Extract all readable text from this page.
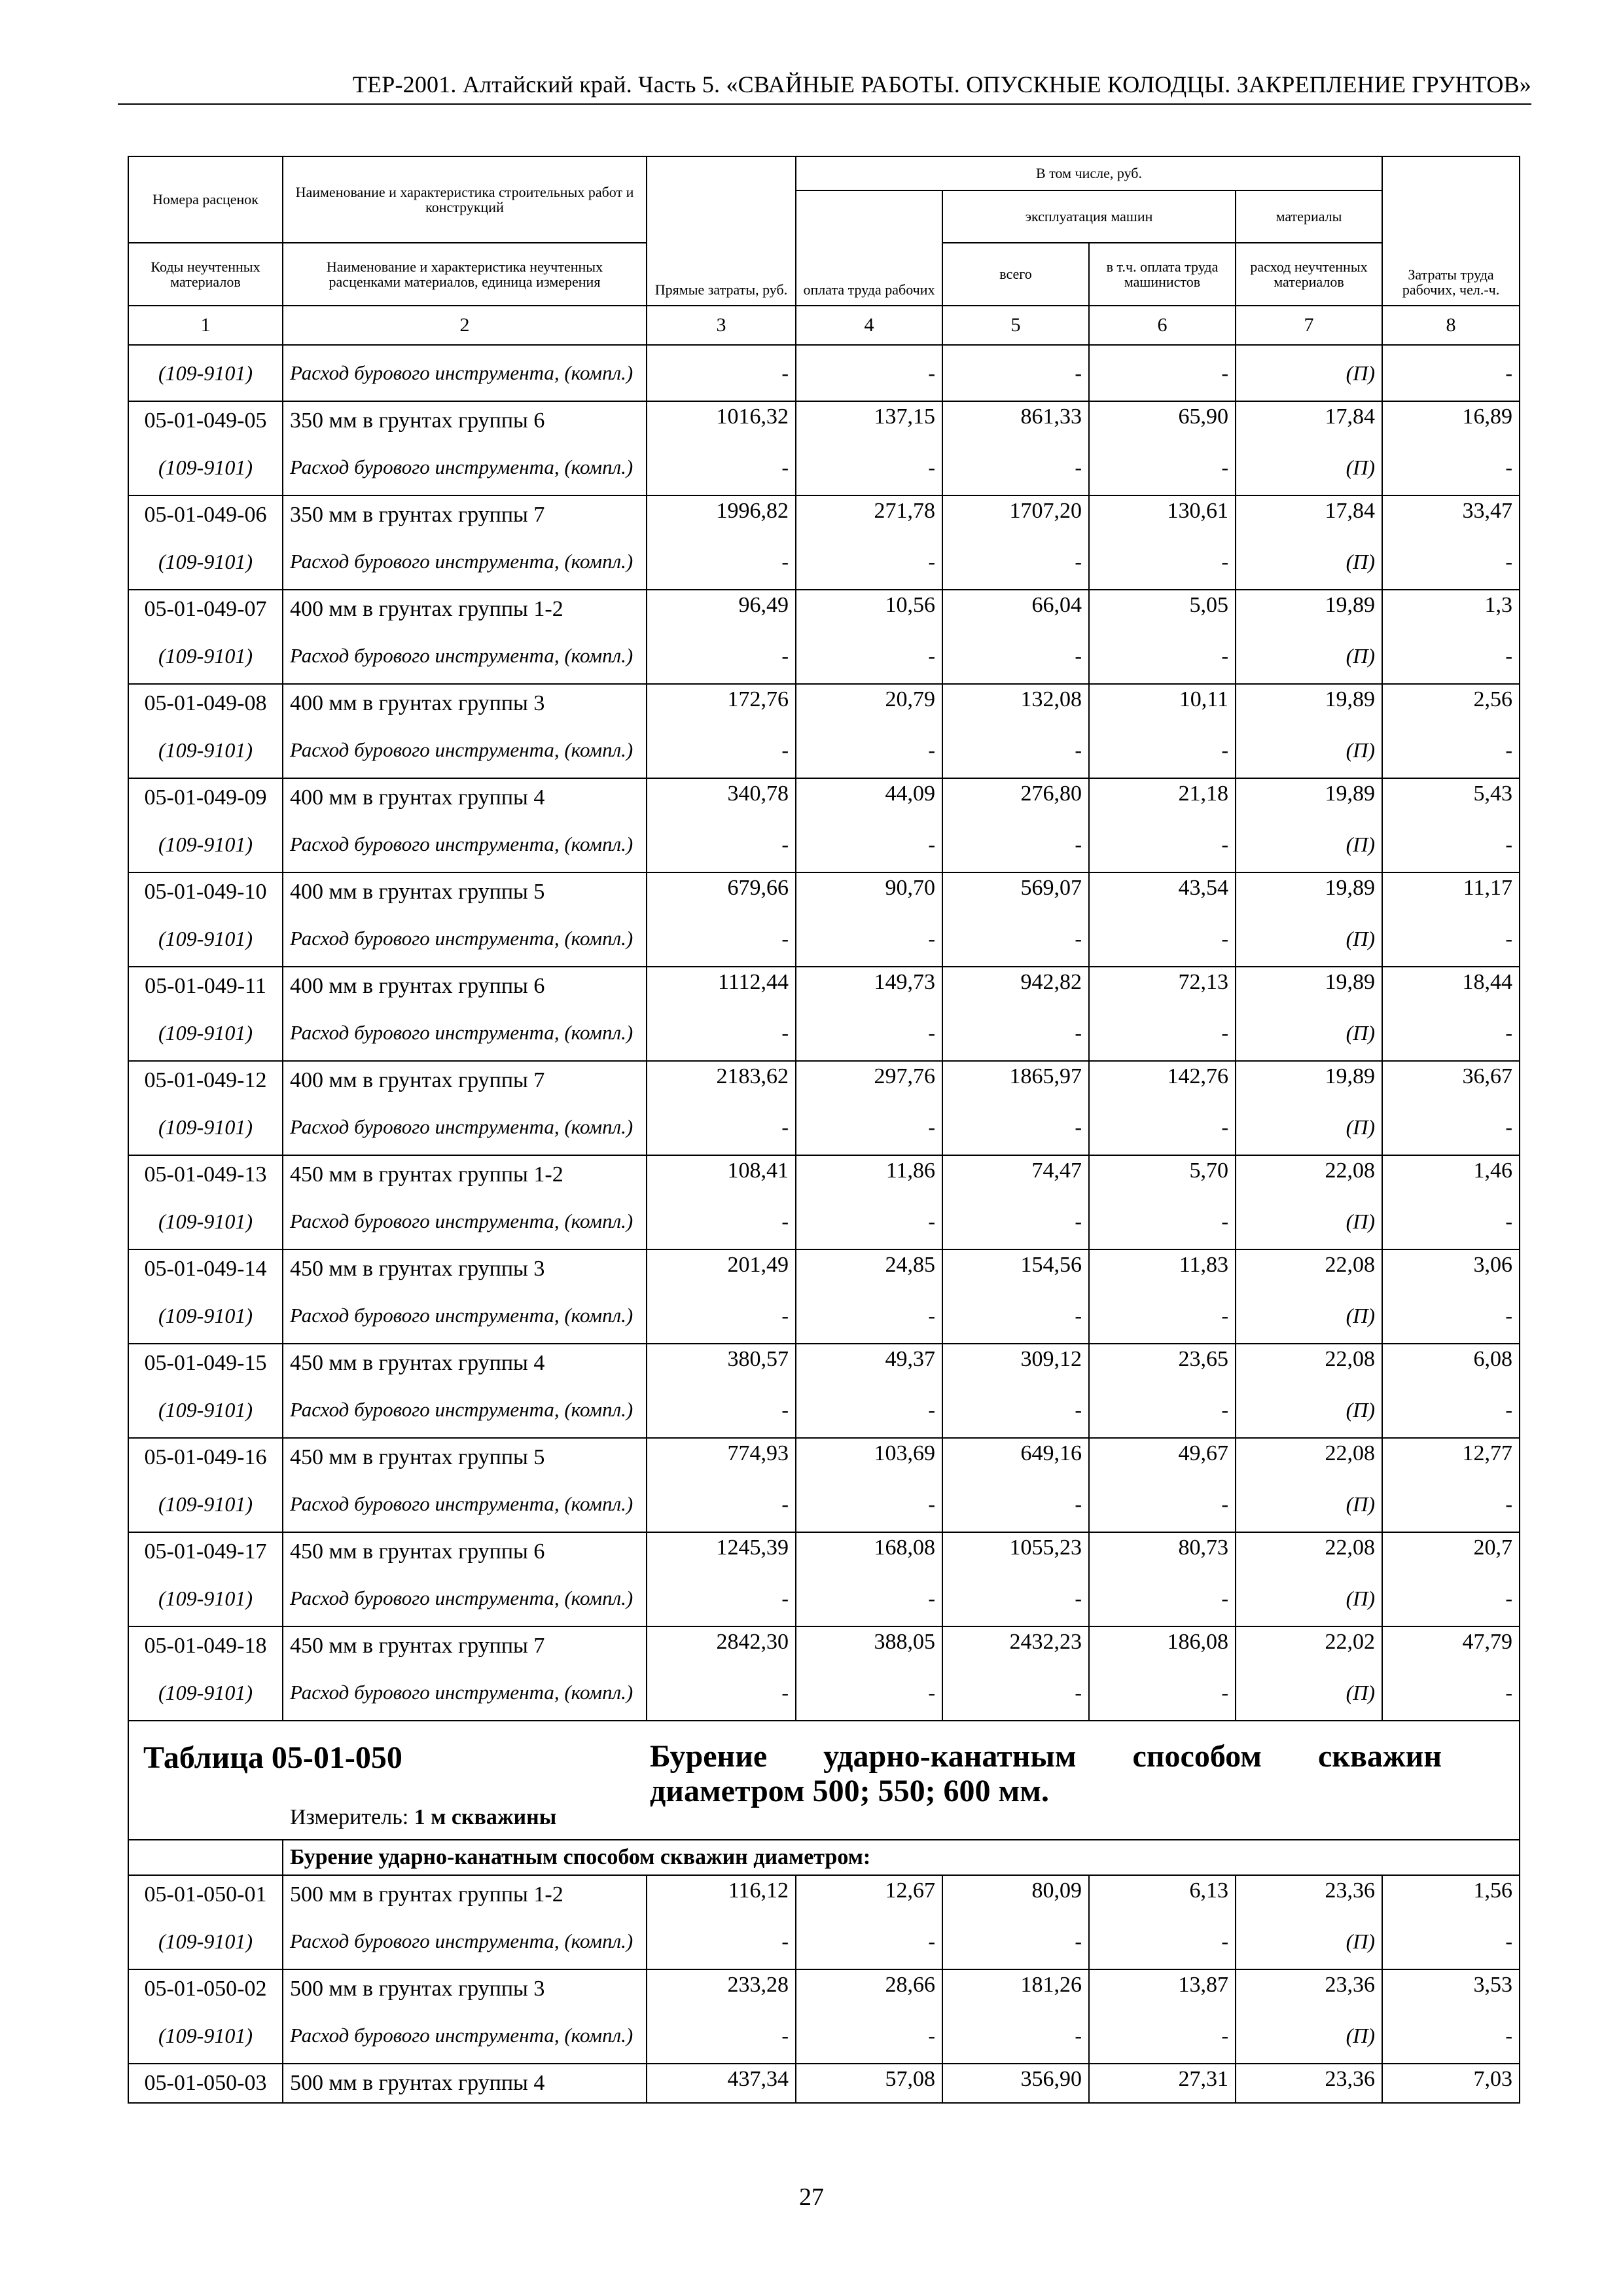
ТЕР-2001. Алтайский край. Часть 5. «СВАЙНЫЕ РАБОТЫ. ОПУСКНЫЕ КОЛОДЦЫ. ЗАКРЕПЛЕНИЕ ГРУНТОВ»
Номера расценок	Наименование и характеристика строительных работ и конструкций	Прямые затраты, руб.	В том числе, руб.				Затраты труда рабочих, чел.-ч.
			оплата труда рабочих	эксплуатация машин		материалы	
Коды неучтенных материалов	Наименование и характеристика неучтенных расценками материалов, единица измерения			всего	в т.ч. оплата труда машинистов	расход неучтенных материалов	
1	2	3	4	5	6	7	8
(109-9101)	Расход бурового инструмента, (компл.)	-	-	-	-	(П)	-
05-01-049-05	350 мм в грунтах группы 6	1016,32	137,15	861,33	65,90	17,84	16,89
(109-9101)	Расход бурового инструмента, (компл.)	-	-	-	-	(П)	-
05-01-049-06	350 мм в грунтах группы 7	1996,82	271,78	1707,20	130,61	17,84	33,47
(109-9101)	Расход бурового инструмента, (компл.)	-	-	-	-	(П)	-
05-01-049-07	400 мм в грунтах группы 1-2	96,49	10,56	66,04	5,05	19,89	1,3
(109-9101)	Расход бурового инструмента, (компл.)	-	-	-	-	(П)	-
05-01-049-08	400 мм в грунтах группы 3	172,76	20,79	132,08	10,11	19,89	2,56
(109-9101)	Расход бурового инструмента, (компл.)	-	-	-	-	(П)	-
05-01-049-09	400 мм в грунтах группы 4	340,78	44,09	276,80	21,18	19,89	5,43
(109-9101)	Расход бурового инструмента, (компл.)	-	-	-	-	(П)	-
05-01-049-10	400 мм в грунтах группы 5	679,66	90,70	569,07	43,54	19,89	11,17
(109-9101)	Расход бурового инструмента, (компл.)	-	-	-	-	(П)	-
05-01-049-11	400 мм в грунтах группы 6	1112,44	149,73	942,82	72,13	19,89	18,44
(109-9101)	Расход бурового инструмента, (компл.)	-	-	-	-	(П)	-
05-01-049-12	400 мм в грунтах группы 7	2183,62	297,76	1865,97	142,76	19,89	36,67
(109-9101)	Расход бурового инструмента, (компл.)	-	-	-	-	(П)	-
05-01-049-13	450 мм в грунтах группы 1-2	108,41	11,86	74,47	5,70	22,08	1,46
(109-9101)	Расход бурового инструмента, (компл.)	-	-	-	-	(П)	-
05-01-049-14	450 мм в грунтах группы 3	201,49	24,85	154,56	11,83	22,08	3,06
(109-9101)	Расход бурового инструмента, (компл.)	-	-	-	-	(П)	-
05-01-049-15	450 мм в грунтах группы 4	380,57	49,37	309,12	23,65	22,08	6,08
(109-9101)	Расход бурового инструмента, (компл.)	-	-	-	-	(П)	-
05-01-049-16	450 мм в грунтах группы 5	774,93	103,69	649,16	49,67	22,08	12,77
(109-9101)	Расход бурового инструмента, (компл.)	-	-	-	-	(П)	-
05-01-049-17	450 мм в грунтах группы 6	1245,39	168,08	1055,23	80,73	22,08	20,7
(109-9101)	Расход бурового инструмента, (компл.)	-	-	-	-	(П)	-
05-01-049-18	450 мм в грунтах группы 7	2842,30	388,05	2432,23	186,08	22,02	47,79
(109-9101)	Расход бурового инструмента, (компл.)	-	-	-	-	(П)	-

Таблица 05-01-050 Бурение ударно-канатным способом скважин диаметром 500; 550; 600 мм.
Измеритель: 1 м скважины							

	Бурение ударно-канатным способом скважин диаметром:						
05-01-050-01	500 мм в грунтах группы 1-2	116,12	12,67	80,09	6,13	23,36	1,56
(109-9101)	Расход бурового инструмента, (компл.)	-	-	-	-	(П)	-
05-01-050-02	500 мм в грунтах группы 3	233,28	28,66	181,26	13,87	23,36	3,53
(109-9101)	Расход бурового инструмента, (компл.)	-	-	-	-	(П)	-
05-01-050-03	500 мм в грунтах группы 4	437,34	57,08	356,90	27,31	23,36	7,03
27
